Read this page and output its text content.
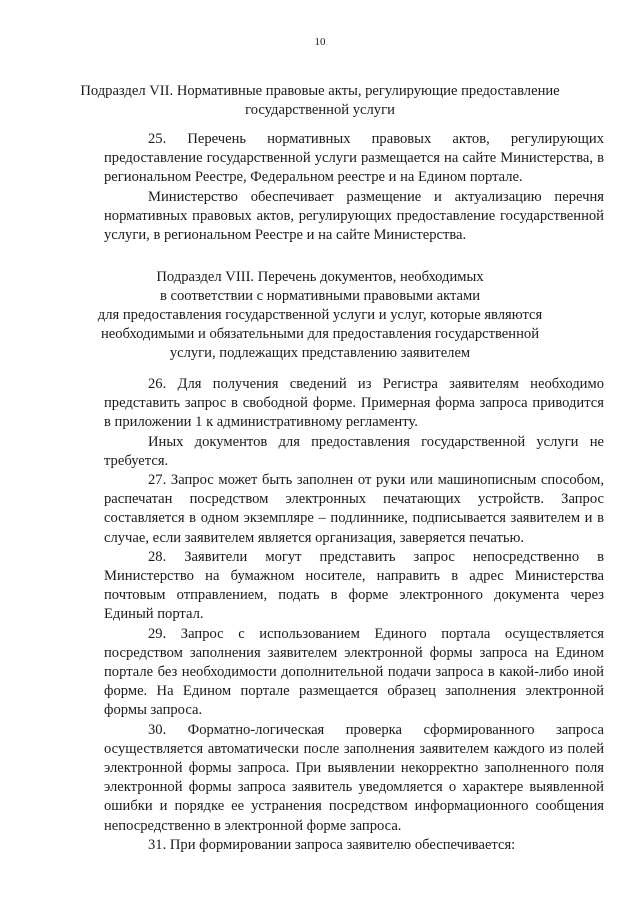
10
Подраздел VII. Нормативные правовые акты, регулирующие предоставление государственной услуги

25. Перечень нормативных правовых актов, регулирующих предоставление государственной услуги размещается на сайте Министерства, в региональном Реестре, Федеральном реестре и на Едином портале.

Министерство обеспечивает размещение и актуализацию перечня нормативных правовых актов, регулирующих предоставление государственной услуги, в региональном Реестре и на сайте Министерства.

Подраздел VIII. Перечень документов, необходимых
в соответствии с нормативными правовыми актами
для предоставления государственной услуги и услуг, которые являются
необходимыми и обязательными для предоставления государственной
услуги, подлежащих представлению заявителем

26. Для получения сведений из Регистра заявителям необходимо представить запрос в свободной форме. Примерная форма запроса приводится в приложении 1 к административному регламенту.

Иных документов для предоставления государственной услуги не требуется.

27. Запрос может быть заполнен от руки или машинописным способом, распечатан посредством электронных печатающих устройств. Запрос составляется в одном экземпляре – подлиннике, подписывается заявителем и в случае, если заявителем является организация, заверяется печатью.

28. Заявители могут представить запрос непосредственно в Министерство на бумажном носителе, направить в адрес Министерства почтовым отправлением, подать в форме электронного документа через Единый портал.

29. Запрос с использованием Единого портала осуществляется посредством заполнения заявителем электронной формы запроса на Едином портале без необходимости дополнительной подачи запроса в какой-либо иной форме. На Едином портале размещается образец заполнения электронной формы запроса.

30. Форматно-логическая проверка сформированного запроса осуществляется автоматически после заполнения заявителем каждого из полей электронной формы запроса. При выявлении некорректно заполненного поля электронной формы запроса заявитель уведомляется о характере выявленной ошибки и порядке ее устранения посредством информационного сообщения непосредственно в электронной форме запроса.

31. При формировании запроса заявителю обеспечивается:
